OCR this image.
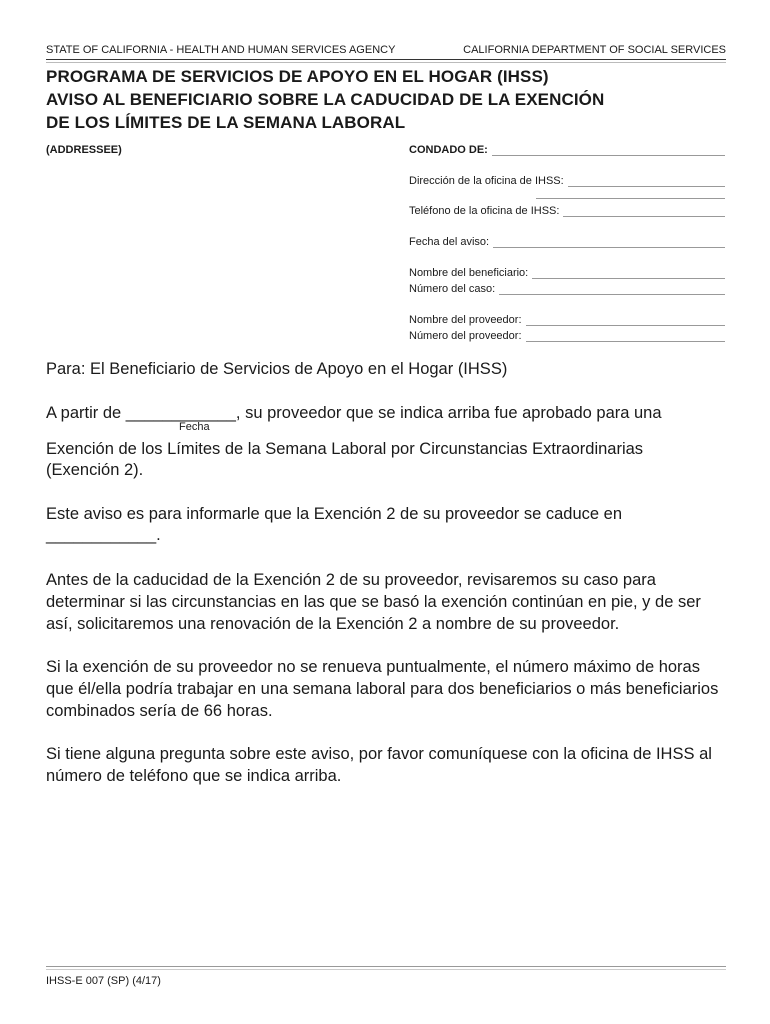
STATE OF CALIFORNIA - HEALTH AND HUMAN SERVICES AGENCY	CALIFORNIA DEPARTMENT OF SOCIAL SERVICES
PROGRAMA DE SERVICIOS DE APOYO EN EL HOGAR (IHSS)
AVISO AL BENEFICIARIO SOBRE LA CADUCIDAD DE LA EXENCIÓN
DE LOS LÍMITES DE LA SEMANA LABORAL
(ADDRESSEE)	CONDADO DE:
Dirección de la oficina de IHSS:
Teléfono de la oficina de IHSS:
Fecha del aviso:
Nombre del beneficiario:
Número del caso:
Nombre del proveedor:
Número del proveedor:
Para: El Beneficiario de Servicios de Apoyo en el Hogar (IHSS)
A partir de ____________, su proveedor que se indica arriba fue aprobado para una
Fecha
Exención de los Límites de la Semana Laboral por Circunstancias Extraordinarias
(Exención 2).
Este aviso es para informarle que la Exención 2 de su proveedor se caduce en
____________.
Antes de la caducidad de la Exención 2 de su proveedor, revisaremos su caso para determinar si las circunstancias en las que se basó la exención continúan en pie, y de ser así, solicitaremos una renovación de la Exención 2 a nombre de su proveedor.
Si la exención de su proveedor no se renueva puntualmente, el número máximo de horas que él/ella podría trabajar en una semana laboral para dos beneficiarios o más beneficiarios combinados sería de 66 horas.
Si tiene alguna pregunta sobre este aviso, por favor comuníquese con la oficina de IHSS al número de teléfono que se indica arriba.
IHSS-E 007 (SP) (4/17)
